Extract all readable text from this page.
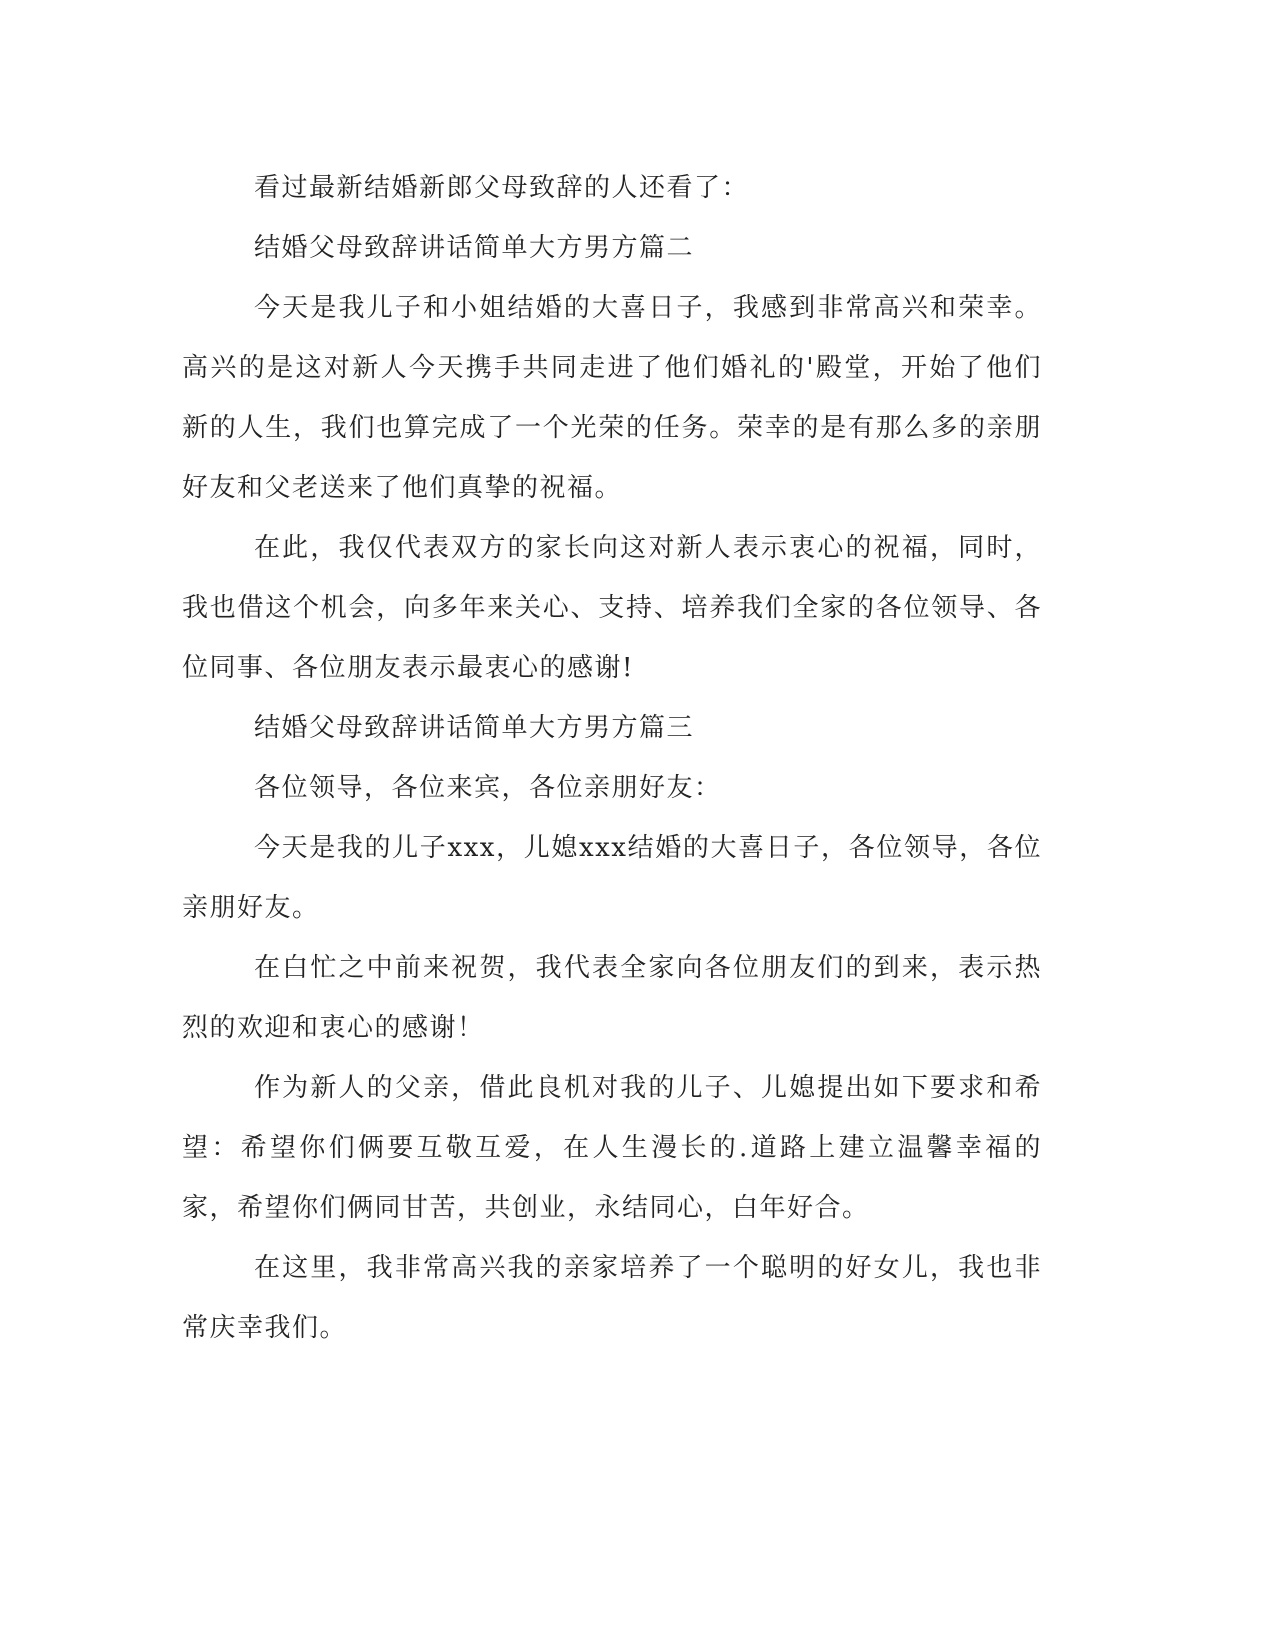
看过最新结婚新郎父母致辞的人还看了：

结婚父母致辞讲话简单大方男方篇二

今天是我儿子和小姐结婚的大喜日子，我感到非常高兴和荣幸。高兴的是这对新人今天携手共同走进了他们婚礼的'殿堂，开始了他们新的人生，我们也算完成了一个光荣的任务。荣幸的是有那么多的亲朋好友和父老送来了他们真挚的祝福。

在此，我仅代表双方的家长向这对新人表示衷心的祝福，同时，我也借这个机会，向多年来关心、支持、培养我们全家的各位领导、各位同事、各位朋友表示最衷心的感谢!

结婚父母致辞讲话简单大方男方篇三

各位领导，各位来宾，各位亲朋好友：

今天是我的儿子xxx，儿媳xxx结婚的大喜日子，各位领导，各位亲朋好友。

在白忙之中前来祝贺，我代表全家向各位朋友们的到来，表示热烈的欢迎和衷心的感谢！

作为新人的父亲，借此良机对我的儿子、儿媳提出如下要求和希望：希望你们俩要互敬互爱，在人生漫长的.道路上建立温馨幸福的家，希望你们俩同甘苦，共创业，永结同心，白年好合。

在这里，我非常高兴我的亲家培养了一个聪明的好女儿，我也非常庆幸我们。
